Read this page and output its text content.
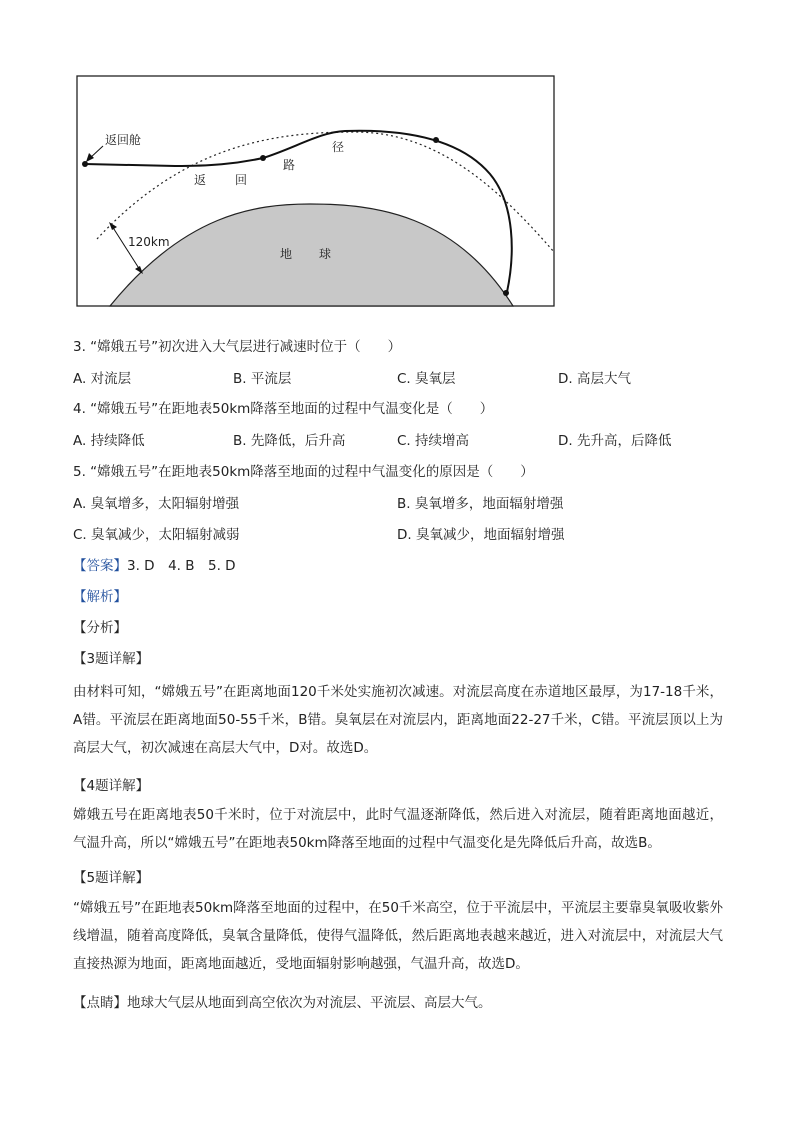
返回舱
返 回
路
径
120km
地 球
3. “嫦娥五号”初次进入大气层进行减速时位于（　　）
A. 对流层	B. 平流层	C. 臭氧层	D. 高层大气
4. “嫦娥五号”在距地表50km降落至地面的过程中气温变化是（　　）
A. 持续降低	B. 先降低，后升高	C. 持续增高	D. 先升高，后降低
5. “嫦娥五号”在距地表50km降落至地面的过程中气温变化的原因是（　　）
A. 臭氧增多，太阳辐射增强	B. 臭氧增多，地面辐射增强
C. 臭氧减少，太阳辐射减弱	D. 臭氧减少，地面辐射增强
【答案】3. D　4. B　5. D
【解析】
【分析】
【3题详解】
由材料可知，“嫦娥五号”在距离地面120千米处实施初次减速。对流层高度在赤道地区最厚，为17-18千米，A错。平流层在距离地面50-55千米，B错。臭氧层在对流层内，距离地面22-27千米，C错。平流层顶以上为高层大气，初次减速在高层大气中，D对。故选D。
【4题详解】
嫦娥五号在距离地表50千米时，位于对流层中，此时气温逐渐降低，然后进入对流层，随着距离地面越近，气温升高，所以“嫦娥五号”在距地表50km降落至地面的过程中气温变化是先降低后升高，故选B。
【5题详解】
“嫦娥五号”在距地表50km降落至地面的过程中，在50千米高空，位于平流层中，平流层主要靠臭氧吸收紫外线增温，随着高度降低，臭氧含量降低，使得气温降低，然后距离地表越来越近，进入对流层中，对流层大气直接热源为地面，距离地面越近，受地面辐射影响越强，气温升高，故选D。
【点睛】地球大气层从地面到高空依次为对流层、平流层、高层大气。
